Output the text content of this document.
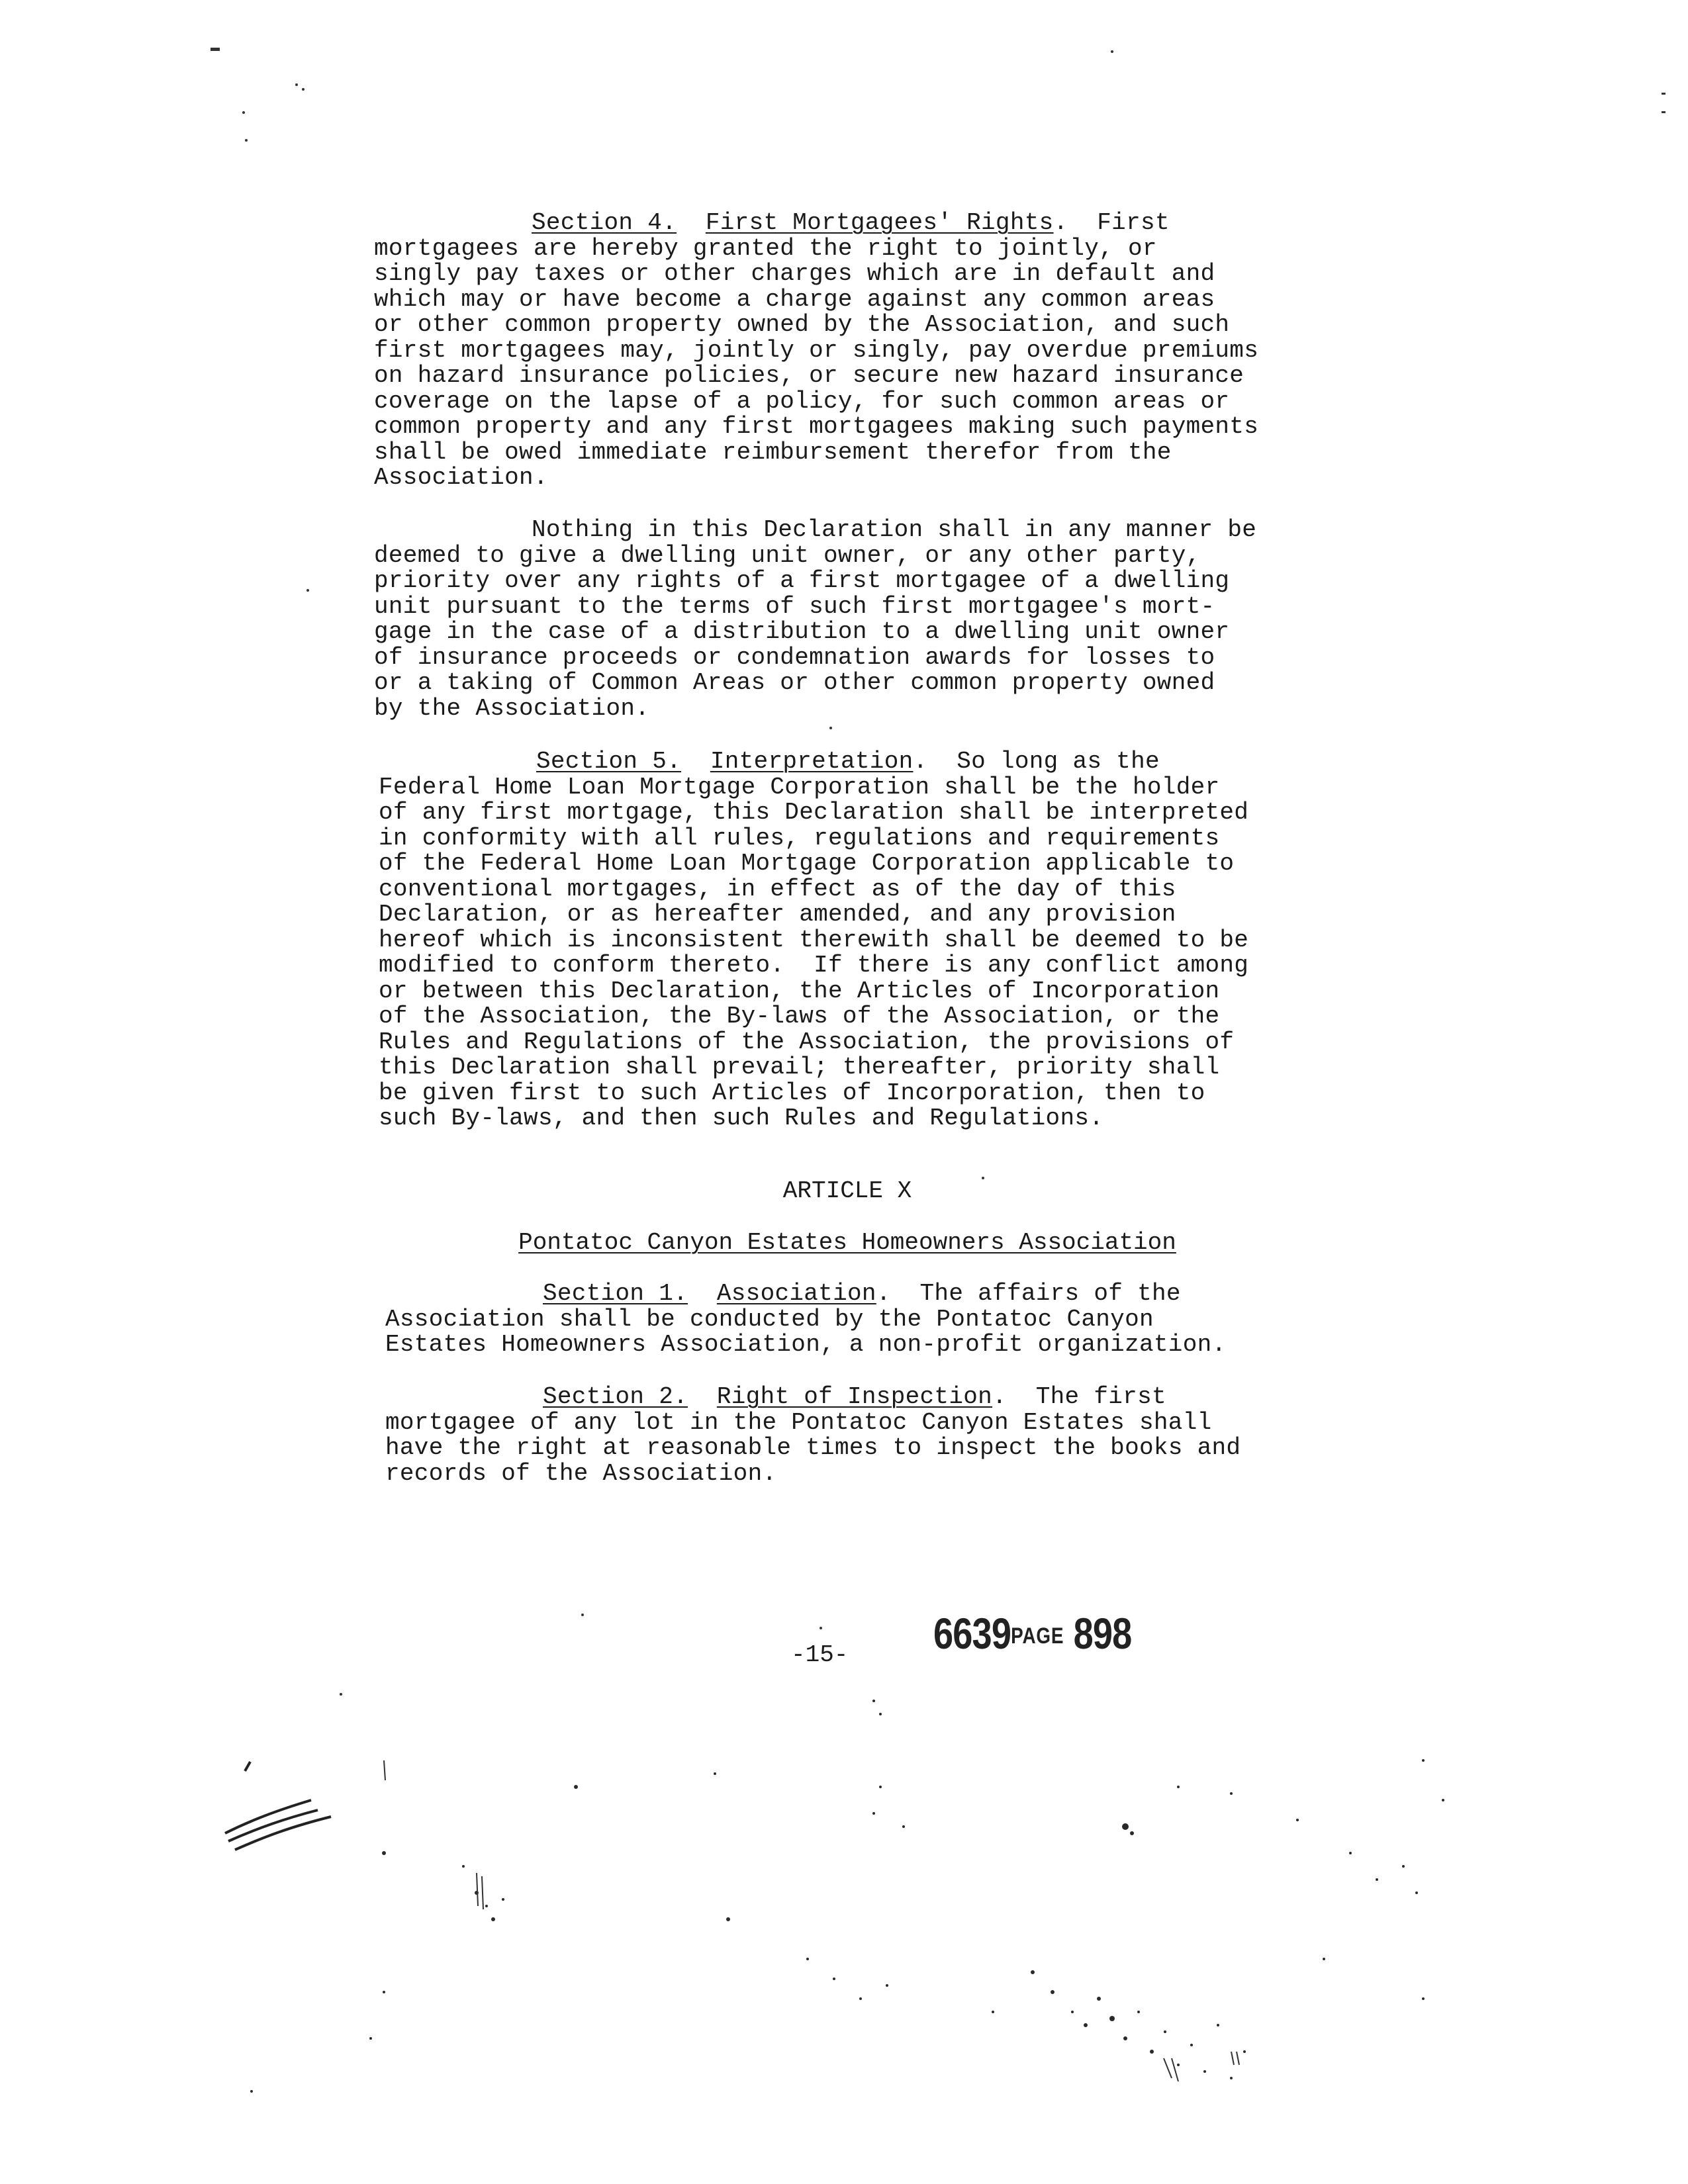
Section 4. First Mortgagees' Rights.  First
mortgagees are hereby granted the right to jointly, or
singly pay taxes or other charges which are in default and
which may or have become a charge against any common areas
or other common property owned by the Association, and such
first mortgagees may, jointly or singly, pay overdue premiums
on hazard insurance policies, or secure new hazard insurance
coverage on the lapse of a policy, for such common areas or
common property and any first mortgagees making such payments
shall be owed immediate reimbursement therefor from the
Association.
Nothing in this Declaration shall in any manner be
deemed to give a dwelling unit owner, or any other party,
priority over any rights of a first mortgagee of a dwelling
unit pursuant to the terms of such first mortgagee's mort-
gage in the case of a distribution to a dwelling unit owner
of insurance proceeds or condemnation awards for losses to
or a taking of Common Areas or other common property owned
by the Association.
Section 5. Interpretation.  So long as the
Federal Home Loan Mortgage Corporation shall be the holder
of any first mortgage, this Declaration shall be interpreted
in conformity with all rules, regulations and requirements
of the Federal Home Loan Mortgage Corporation applicable to
conventional mortgages, in effect as of the day of this
Declaration, or as hereafter amended, and any provision
hereof which is inconsistent therewith shall be deemed to be
modified to conform thereto.  If there is any conflict among
or between this Declaration, the Articles of Incorporation
of the Association, the By-laws of the Association, or the
Rules and Regulations of the Association, the provisions of
this Declaration shall prevail; thereafter, priority shall
be given first to such Articles of Incorporation, then to
such By-laws, and then such Rules and Regulations.
ARTICLE X
Pontatoc Canyon Estates Homeowners Association
Section 1. Association.  The affairs of the
Association shall be conducted by the Pontatoc Canyon
Estates Homeowners Association, a non-profit organization.
Section 2. Right of Inspection.  The first
mortgagee of any lot in the Pontatoc Canyon Estates shall
have the right at reasonable times to inspect the books and
records of the Association.
-15- 6639PAGE 898
